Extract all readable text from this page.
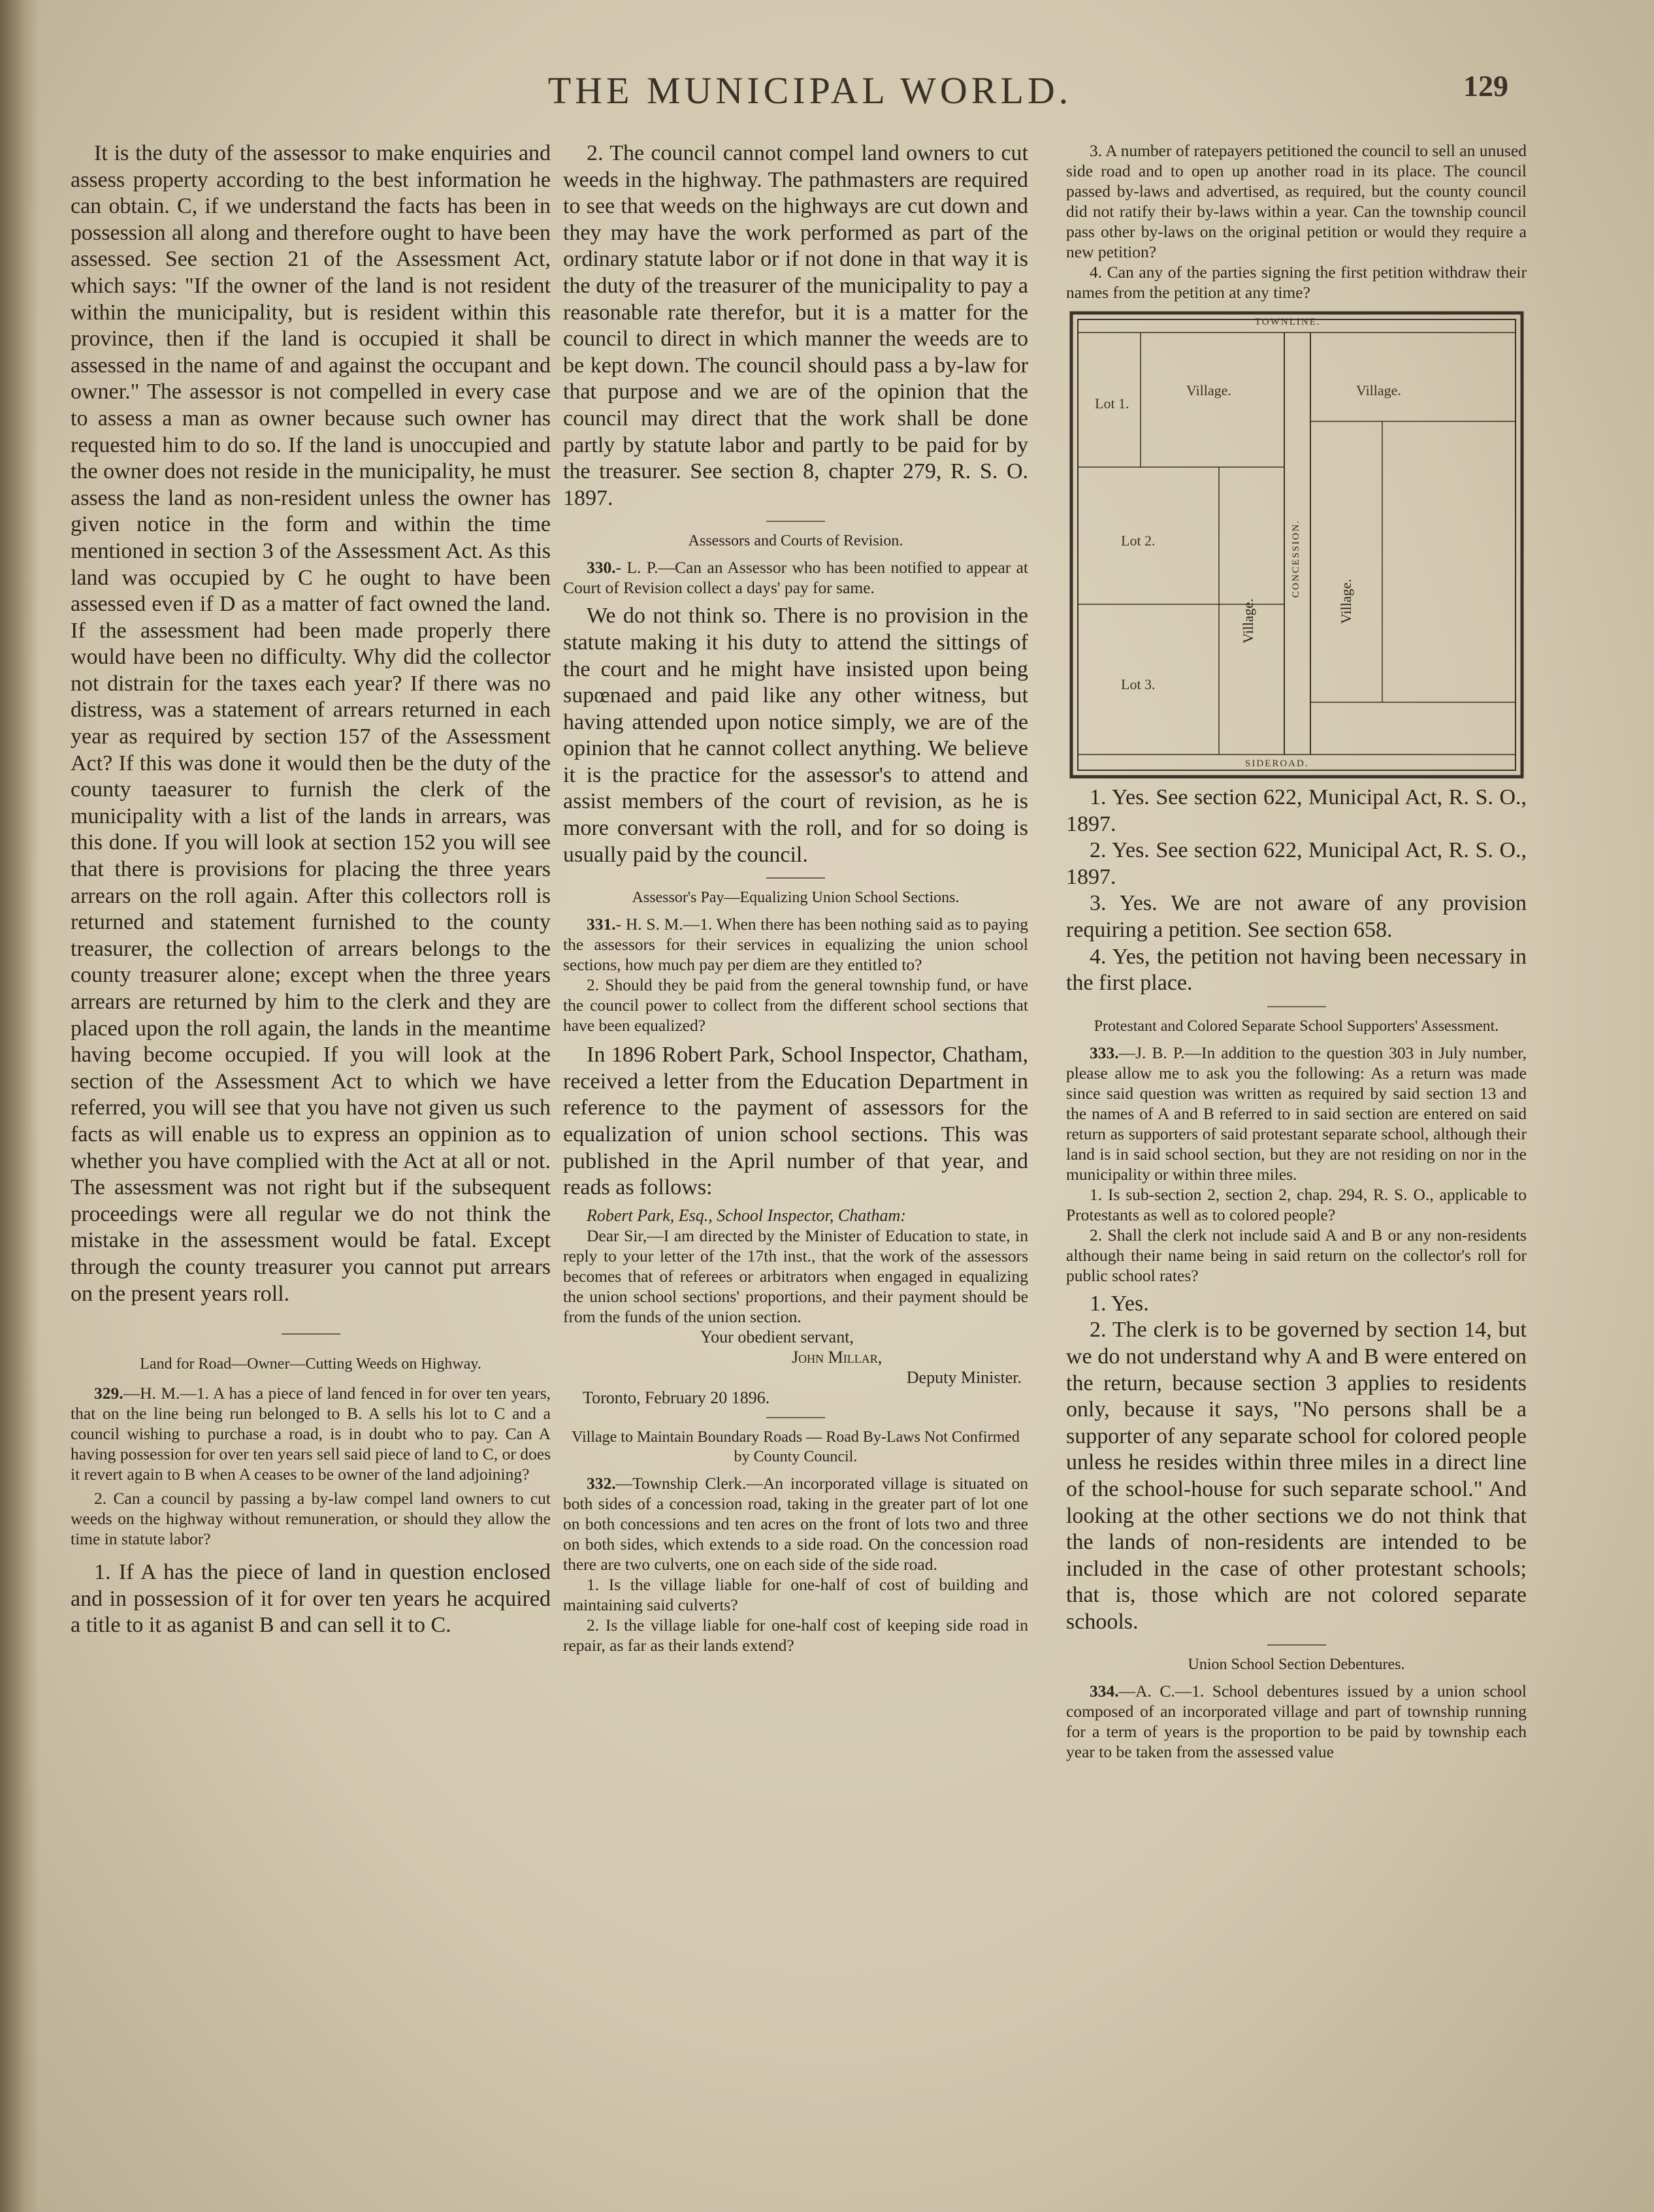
THE MUNICIPAL WORLD.	129

It is the duty of the assessor to make enquiries and assess property according to the best information he can obtain. C, if we understand the facts has been in possession all along and therefore ought to have been assessed. See section 21 of the Assessment Act, which says: "If the owner of the land is not resident within the municipality, but is resident within this province, then if the land is occupied it shall be assessed in the name of and against the occupant and owner." The assessor is not compelled in every case to assess a man as owner because such owner has requested him to do so. If the land is unoccupied and the owner does not reside in the municipality, he must assess the land as non-resident unless the owner has given notice in the form and within the time mentioned in section 3 of the Assessment Act. As this land was occupied by C he ought to have been assessed even if D as a matter of fact owned the land. If the assessment had been made properly there would have been no difficulty. Why did the collector not distrain for the taxes each year? If there was no distress, was a statement of arrears returned in each year as required by section 157 of the Assessment Act? If this was done it would then be the duty of the county taeasurer to furnish the clerk of the municipality with a list of the lands in arrears, was this done. If you will look at section 152 you will see that there is provisions for placing the three years arrears on the roll again. After this collectors roll is returned and statement furnished to the county treasurer, the collection of arrears belongs to the county treasurer alone; except when the three years arrears are returned by him to the clerk and they are placed upon the roll again, the lands in the meantime having become occupied. If you will look at the section of the Assessment Act to which we have referred, you will see that you have not given us such facts as will enable us to express an oppinion as to whether you have complied with the Act at all or not. The assessment was not right but if the subsequent proceedings were all regular we do not think the mistake in the assessment would be fatal. Except through the county treasurer you cannot put arrears on the present years roll.

Land for Road—Owner—Cutting Weeds on Highway.

329.—H. M.—1. A has a piece of land fenced in for over ten years, that on the line being run belonged to B. A sells his lot to C and a council wishing to purchase a road, is in doubt who to pay. Can A having possession for over ten years sell said piece of land to C, or does it revert again to B when A ceases to be owner of the land adjoining?

2. Can a council by passing a by-law compel land owners to cut weeds on the highway without remuneration, or should they allow the time in statute labor?

1. If A has the piece of land in question enclosed and in possession of it for over ten years he acquired a title to it as aganist B and can sell it to C.

2. The council cannot compel land owners to cut weeds in the highway. The pathmasters are required to see that weeds on the highways are cut down and they may have the work performed as part of the ordinary statute labor or if not done in that way it is the duty of the treasurer of the municipality to pay a reasonable rate therefor, but it is a matter for the council to direct in which manner the weeds are to be kept down. The council should pass a by-law for that purpose and we are of the opinion that the council may direct that the work shall be done partly by statute labor and partly to be paid for by the treasurer. See section 8, chapter 279, R. S. O. 1897.

Assessors and Courts of Revision.

330.- L. P.—Can an Assessor who has been notified to appear at Court of Revision collect a days' pay for same.

We do not think so. There is no provision in the statute making it his duty to attend the sittings of the court and he might have insisted upon being supœnaed and paid like any other witness, but having attended upon notice simply, we are of the opinion that he cannot collect anything. We believe it is the practice for the assessor's to attend and assist members of the court of revision, as he is more conversant with the roll, and for so doing is usually paid by the council.

Assessor's Pay—Equalizing Union School Sections.

331.- H. S. M.—1. When there has been nothing said as to paying the assessors for their services in equalizing the union school sections, how much pay per diem are they entitled to?

2. Should they be paid from the general township fund, or have the council power to collect from the different school sections that have been equalized?

In 1896 Robert Park, School Inspector, Chatham, received a letter from the Education Department in reference to the payment of assessors for the equalization of union school sections. This was published in the April number of that year, and reads as follows:

Robert Park, Esq., School Inspector, Chatham:

Dear Sir,—I am directed by the Minister of Education to state, in reply to your letter of the 17th inst., that the work of the assessors becomes that of referees or arbitrators when engaged in equalizing the union school sections' proportions, and their payment should be from the funds of the union section.

Your obedient servant,

John Millar,

Deputy Minister.

Toronto, February 20 1896.

Village to Maintain Boundary Roads — Road By-Laws Not Confirmed by County Council.

332.—Township Clerk.—An incorporated village is situated on both sides of a concession road, taking in the greater part of lot one on both concessions and ten acres on the front of lots two and three on both sides, which extends to a side road. On the concession road there are two culverts, one on each side of the side road.

1. Is the village liable for one-half of cost of building and maintaining said culverts?

2. Is the village liable for one-half cost of keeping side road in repair, as far as their lands extend?

3. A number of ratepayers petitioned the council to sell an unused side road and to open up another road in its place. The council passed by-laws and advertised, as required, but the county council did not ratify their by-laws within a year. Can the township council pass other by-laws on the original petition or would they require a new petition?

4. Can any of the parties signing the first petition withdraw their names from the petition at any time?

TOWNLINE.
SIDEROAD.
Lot 1.
Lot 2.
Lot 3.
Village.	Village.
Village.	Village.
CONCESSION.

1. Yes. See section 622, Municipal Act, R. S. O., 1897.

2. Yes. See section 622, Municipal Act, R. S. O., 1897.

3. Yes. We are not aware of any provision requiring a petition. See section 658.

4. Yes, the petition not having been necessary in the first place.

Protestant and Colored Separate School Supporters' Assessment.

333.—J. B. P.—In addition to the question 303 in July number, please allow me to ask you the following: As a return was made since said question was written as required by said section 13 and the names of A and B referred to in said section are entered on said return as supporters of said protestant separate school, although their land is in said school section, but they are not residing on nor in the municipality or within three miles.

1. Is sub-section 2, section 2, chap. 294, R. S. O., applicable to Protestants as well as to colored people?

2. Shall the clerk not include said A and B or any non-residents although their name being in said return on the collector's roll for public school rates?

1. Yes.

2. The clerk is to be governed by section 14, but we do not understand why A and B were entered on the return, because section 3 applies to residents only, because it says, "No persons shall be a supporter of any separate school for colored people unless he resides within three miles in a direct line of the school-house for such separate school." And looking at the other sections we do not think that the lands of non-residents are intended to be included in the case of other protestant schools; that is, those which are not colored separate schools.

Union School Section Debentures.

334.—A. C.—1. School debentures issued by a union school composed of an incorporated village and part of township running for a term of years is the proportion to be paid by township each year to be taken from the assessed value
